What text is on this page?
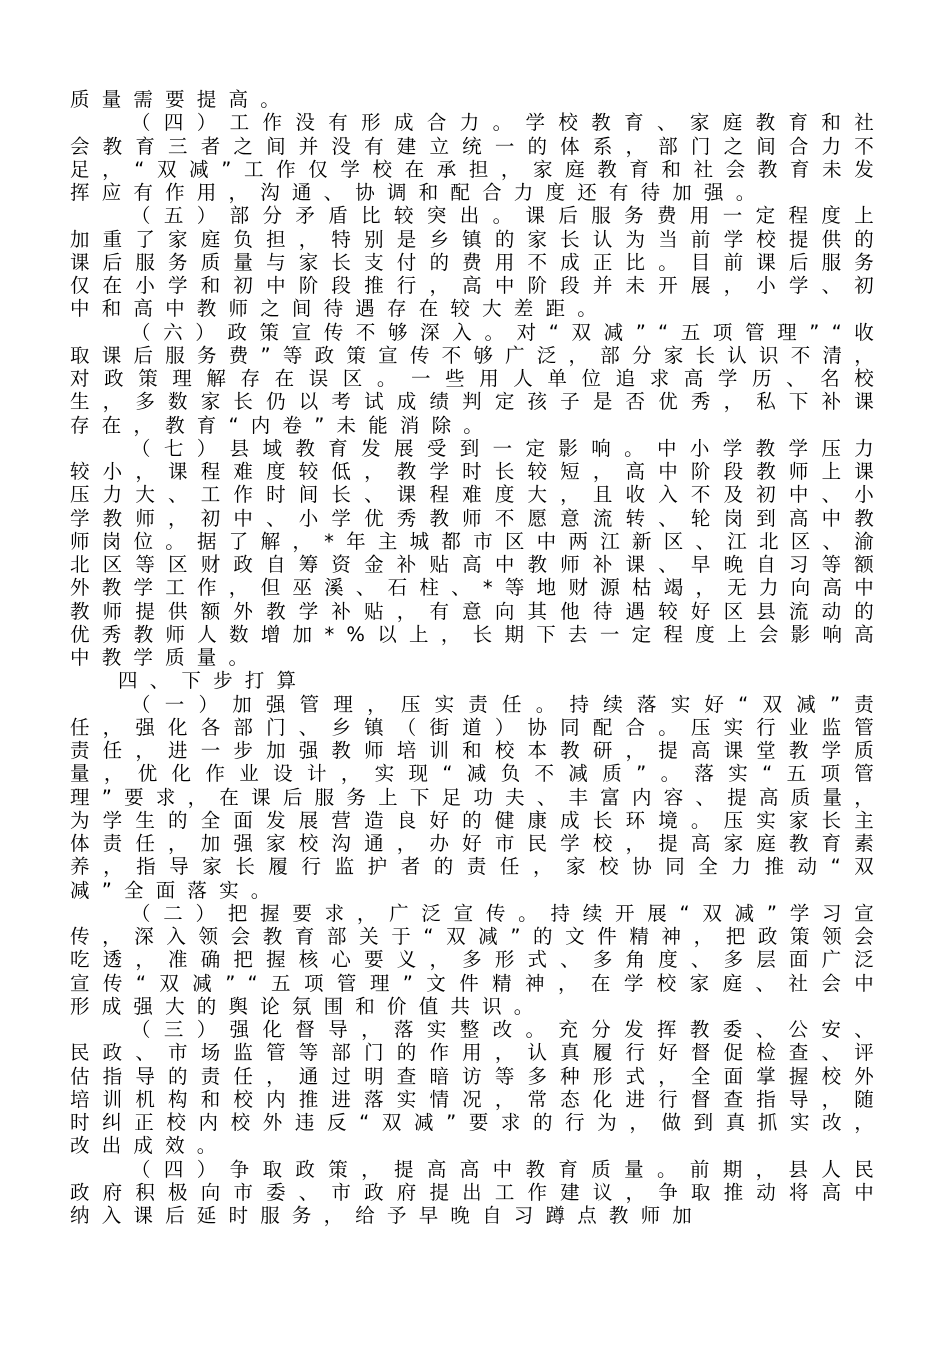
质量需要提高。

（四）工作没有形成合力。学校教育、家庭教育和社会教育三者之间并没有建立统一的体系，部门之间合力不足，“双减”工作仅学校在承担，家庭教育和社会教育未发挥应有作用，沟通、协调和配合力度还有待加强。

（五）部分矛盾比较突出。课后服务费用一定程度上加重了家庭负担，特别是乡镇的家长认为当前学校提供的课后服务质量与家长支付的费用不成正比。目前课后服务仅在小学和初中阶段推行，高中阶段并未开展，小学、初中和高中教师之间待遇存在较大差距。

（六）政策宣传不够深入。对“双减”“五项管理”“收取课后服务费”等政策宣传不够广泛，部分家长认识不清，对政策理解存在误区。一些用人单位追求高学历、名校生，多数家长仍以考试成绩判定孩子是否优秀，私下补课存在，教育“内卷”未能消除。

（七）县域教育发展受到一定影响。中小学教学压力较小，课程难度较低，教学时长较短，高中阶段教师上课压力大、工作时间长、课程难度大，且收入不及初中、小学教师，初中、小学优秀教师不愿意流转、轮岗到高中教师岗位。据了解，*年主城都市区中两江新区、江北区、渝北区等区财政自筹资金补贴高中教师补课、早晚自习等额外教学工作，但巫溪、石柱、*等地财源枯竭，无力向高中教师提供额外教学补贴，有意向其他待遇较好区县流动的优秀教师人数增加*%以上，长期下去一定程度上会影响高中教学质量。

四、下步打算

（一）加强管理，压实责任。持续落实好“双减”责任，强化各部门、乡镇（街道）协同配合。压实行业监管责任，进一步加强教师培训和校本教研，提高课堂教学质量，优化作业设计，实现“减负不减质”。落实“五项管理”要求，在课后服务上下足功夫、丰富内容、提高质量，为学生的全面发展营造良好的健康成长环境。压实家长主体责任，加强家校沟通，办好市民学校，提高家庭教育素养，指导家长履行监护者的责任，家校协同全力推动“双减”全面落实。

（二）把握要求，广泛宣传。持续开展“双减”学习宣传，深入领会教育部关于“双减”的文件精神，把政策领会吃透，准确把握核心要义，多形式、多角度、多层面广泛宣传“双减”“五项管理”文件精神，在学校家庭、社会中形成强大的舆论氛围和价值共识。

（三）强化督导，落实整改。充分发挥教委、公安、民政、市场监管等部门的作用，认真履行好督促检查、评估指导的责任，通过明查暗访等多种形式，全面掌握校外培训机构和校内推进落实情况，常态化进行督查指导，随时纠正校内校外违反“双减”要求的行为，做到真抓实改，改出成效。

（四）争取政策，提高高中教育质量。前期，县人民政府积极向市委、市政府提出工作建议，争取推动将高中纳入课后延时服务，给予早晚自习蹲点教师加
